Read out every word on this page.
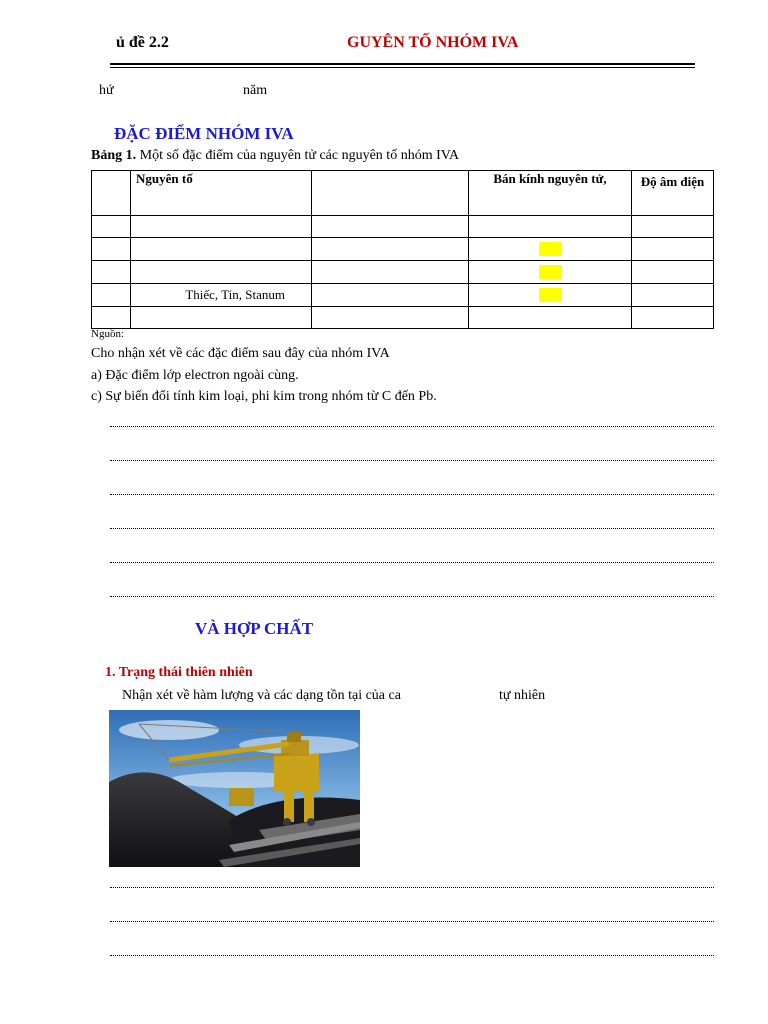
ủ đề 2.2	GUYÊN TỐ NHÓM IVA
hứ	năm
ĐẶC ĐIỂM NHÓM IVA
Bảng 1. Một số đặc điểm của nguyên tử các nguyên tố nhóm IVA
	Nguyên tố		Bán kính nguyên tử,	Độ âm điện

	Thiếc, Tin, Stanum			

Nguồn:
Cho nhận xét về các đặc điểm sau đây của nhóm IVA
a) Đặc điểm lớp electron ngoài cùng.
c) Sự biến đổi tính kim loại, phi kim trong nhóm từ C đến Pb.
VÀ HỢP CHẤT
1. Trạng thái thiên nhiên
Nhận xét về hàm lượng và các dạng tồn tại của ca	tự nhiên
